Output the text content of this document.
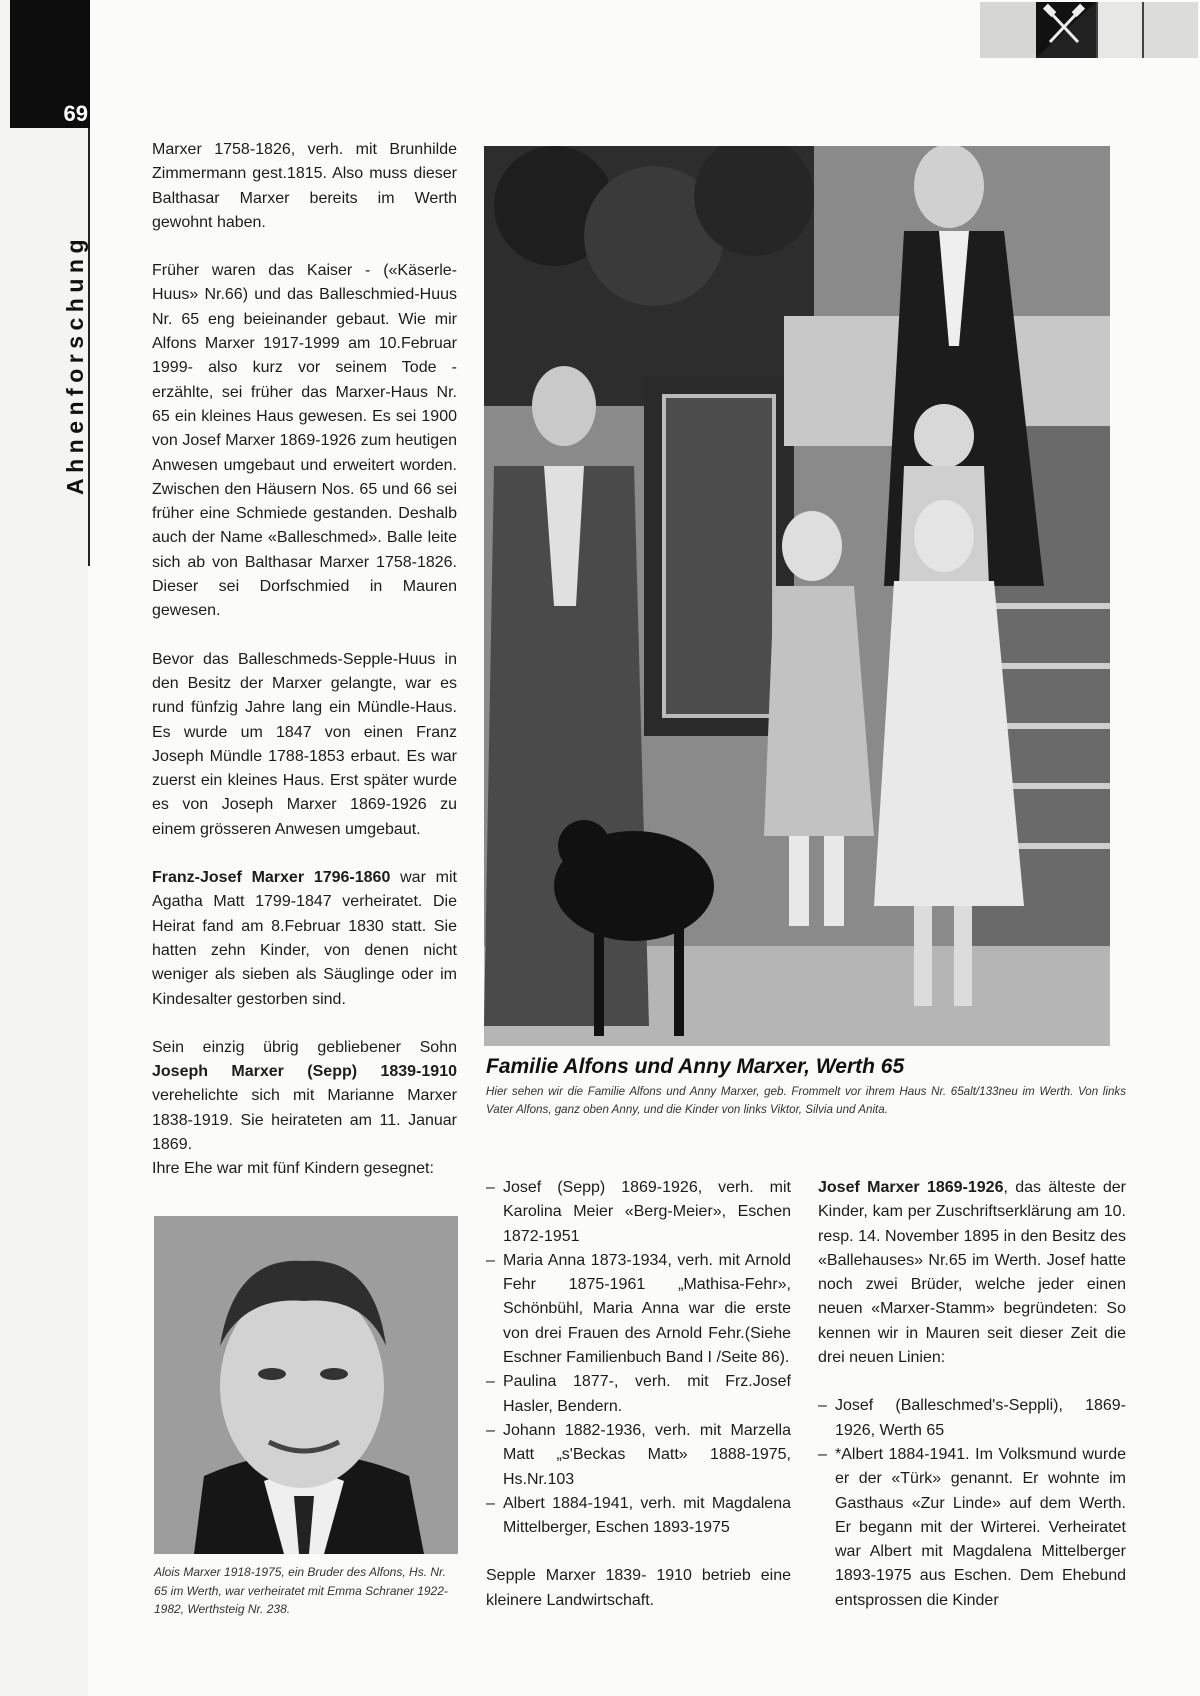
69
Ahnenforschung

Marxer 1758-1826, verh. mit Brunhilde Zimmermann gest.1815. Also muss dieser Balthasar Marxer bereits im Werth gewohnt haben.

Früher waren das Kaiser - («Käserle-Huus» Nr.66) und das Balleschmied-Huus Nr. 65 eng beieinander gebaut. Wie mir Alfons Marxer 1917-1999 am 10.Februar 1999- also kurz vor seinem Tode - erzählte, sei früher das Marxer-Haus Nr. 65 ein kleines Haus gewesen. Es sei 1900 von Josef Marxer 1869-1926 zum heutigen Anwesen umgebaut und erweitert worden. Zwischen den Häusern Nos. 65 und 66 sei früher eine Schmiede gestanden. Deshalb auch der Name «Balleschmed». Balle leite sich ab von Balthasar Marxer 1758-1826. Dieser sei Dorfschmied in Mauren gewesen.

Bevor das Balleschmeds-Sepple-Huus in den Besitz der Marxer gelangte, war es rund fünfzig Jahre lang ein Mündle-Haus. Es wurde um 1847 von einen Franz Joseph Mündle 1788-1853 erbaut. Es war zuerst ein kleines Haus. Erst später wurde es von Joseph Marxer 1869-1926 zu einem grösseren Anwesen umgebaut.

Franz-Josef Marxer 1796-1860 war mit Agatha Matt 1799-1847 verheiratet. Die Heirat fand am 8.Februar 1830 statt. Sie hatten zehn Kinder, von denen nicht weniger als sieben als Säuglinge oder im Kindesalter gestorben sind.

Sein einzig übrig gebliebener Sohn Joseph Marxer (Sepp) 1839-1910 verehelichte sich mit Marianne Marxer 1838-1919. Sie heirateten am 11. Januar 1869.

Ihre Ehe war mit fünf Kindern gesegnet:

Familie Alfons und Anny Marxer, Werth 65
Hier sehen wir die Familie Alfons und Anny Marxer, geb. Frommelt vor ihrem Haus Nr. 65alt/133neu im Werth. Von links Vater Alfons, ganz oben Anny, und die Kinder von links Viktor, Silvia und Anita.
Alois Marxer 1918-1975, ein Bruder des Alfons, Hs. Nr. 65 im Werth, war verheiratet mit Emma Schraner 1922-1982, Werthsteig Nr. 238.
– Josef (Sepp) 1869-1926, verh. mit Karolina Meier «Berg-Meier», Eschen 1872-1951
– Maria Anna 1873-1934, verh. mit Arnold Fehr 1875-1961 „Mathisa-Fehr», Schönbühl, Maria Anna war die erste von drei Frauen des Arnold Fehr.(Siehe Eschner Familienbuch Band I /Seite 86).
– Paulina 1877-, verh. mit Frz.Josef Hasler, Bendern.
– Johann 1882-1936, verh. mit Marzella Matt „s'Beckas Matt» 1888-1975, Hs.Nr.103
– Albert 1884-1941, verh. mit Magdalena Mittelberger, Eschen 1893-1975

Sepple Marxer 1839- 1910 betrieb eine kleinere Landwirtschaft.

Josef Marxer 1869-1926, das älteste der Kinder, kam per Zuschriftserklärung am 10. resp. 14. November 1895 in den Besitz des «Ballehauses» Nr.65 im Werth. Josef hatte noch zwei Brüder, welche jeder einen neuen «Marxer-Stamm» begründeten: So kennen wir in Mauren seit dieser Zeit die drei neuen Linien:

– Josef (Balleschmed's-Seppli), 1869-1926, Werth 65
– *Albert 1884-1941. Im Volksmund wurde er der «Türk» genannt. Er wohnte im Gasthaus «Zur Linde» auf dem Werth. Er begann mit der Wirterei. Verheiratet war Albert mit Magdalena Mittelberger 1893-1975 aus Eschen. Dem Ehebund entsprossen die Kinder
